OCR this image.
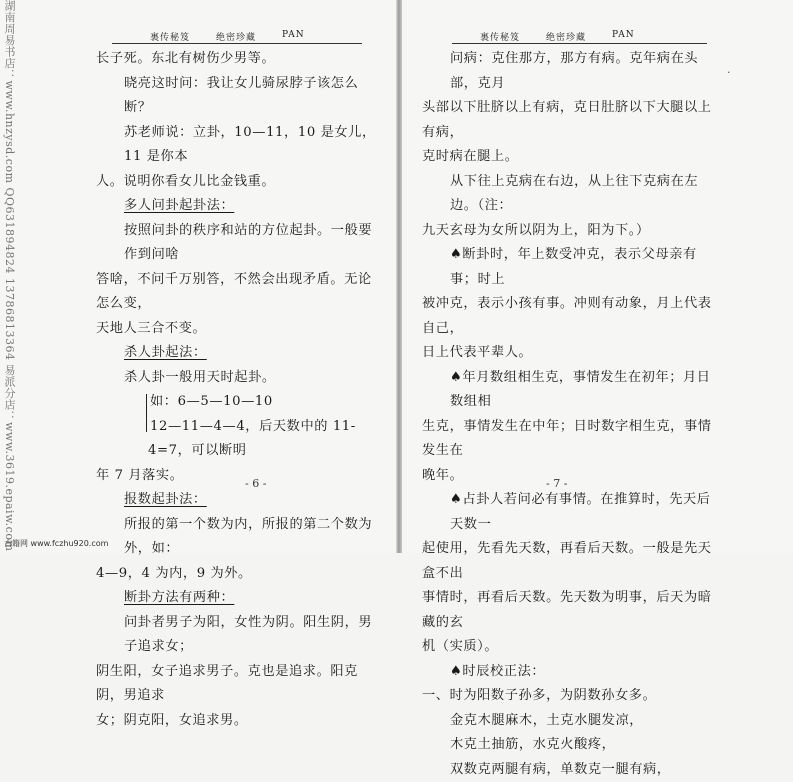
湖南周易书店：www.hnzysd.com QQ631894824 13786813364 易派分店：www.3619.epaiw.com	裏传秘笈	绝密珍藏	PAN

长子死。东北有树伤少男等。

晓亮这时问：我让女儿骑尿脖子该怎么断？

苏老师说：立卦，10—11，10 是女儿，11 是你本

人。说明你看女儿比金钱重。

多人问卦起卦法：

按照问卦的秩序和站的方位起卦。一般要作到问啥

答啥，不问千万别答，不然会出现矛盾。无论怎么变，

天地人三合不变。

杀人卦起法：

杀人卦一般用天时起卦。

如：6—5—10—10

12—11—4—4，后天数中的 11-4=7，可以断明

年 7 月落实。

报数起卦法：

所报的第一个数为内，所报的第二个数为外，如：

4—9，4 为内，9 为外。

断卦方法有两种：

问卦者男子为阳，女性为阴。阳生阴，男子追求女；

阴生阳，女子追求男子。克也是追求。阳克阴，男追求

女；阴克阳，女追求男。

- 6 -
裏传秘笈	绝密珍藏	PAN

问病：克住那方，那方有病。克年病在头部，克月

头部以下肚脐以上有病，克日肚脐以下大腿以上有病，

克时病在腿上。

从下往上克病在右边，从上往下克病在左边。（注：

九天玄母为女所以阴为上，阳为下。）

♠断卦时，年上数受冲克，表示父母亲有事；时上

被冲克，表示小孩有事。冲则有动象，月上代表自己，

日上代表平辈人。

♠年月数组相生克，事情发生在初年；月日数组相

生克，事情发生在中年；日时数字相生克，事情发生在

晚年。

♠占卦人若问必有事情。在推算时，先天后天数一

起使用，先看先天数，再看后天数。一般是先天盒不出

事情时，再看后天数。先天数为明事，后天为暗藏的玄

机（实质）。

♠时辰校正法：

一、时为阳数子孙多，为阴数孙女多。

金克木腿麻木，土克水腿发凉，

木克土抽筋，水克火酸疼，

双数克两腿有病，单数克一腿有病，

- 7 -
·
古籍网 www.fczhu920.com
